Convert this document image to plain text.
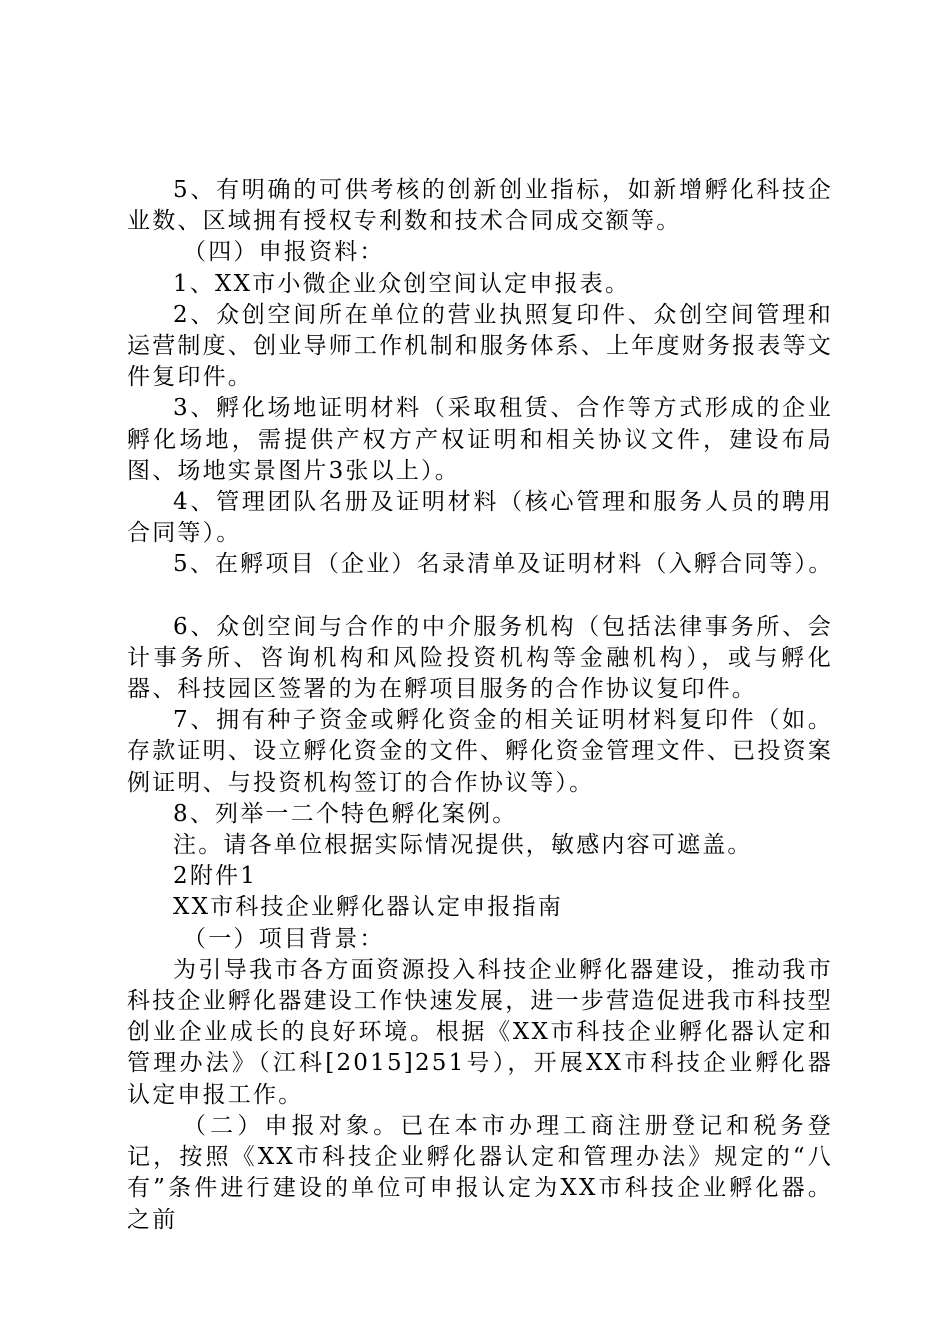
5、有明确的可供考核的创新创业指标，如新增孵化科技企业数、区域拥有授权专利数和技术合同成交额等。

（四）申报资料：

1、XX市小微企业众创空间认定申报表。

2、众创空间所在单位的营业执照复印件、众创空间管理和运营制度、创业导师工作机制和服务体系、上年度财务报表等文件复印件。

3、孵化场地证明材料（采取租赁、合作等方式形成的企业孵化场地，需提供产权方产权证明和相关协议文件，建设布局图、场地实景图片3张以上）。

4、管理团队名册及证明材料（核心管理和服务人员的聘用合同等）。

5、在孵项目（企业）名录清单及证明材料（入孵合同等）。

6、众创空间与合作的中介服务机构（包括法律事务所、会计事务所、咨询机构和风险投资机构等金融机构），或与孵化器、科技园区签署的为在孵项目服务的合作协议复印件。

7、拥有种子资金或孵化资金的相关证明材料复印件（如。存款证明、设立孵化资金的文件、孵化资金管理文件、已投资案例证明、与投资机构签订的合作协议等）。

8、列举一二个特色孵化案例。

注。请各单位根据实际情况提供，敏感内容可遮盖。

2附件1

XX市科技企业孵化器认定申报指南

（一）项目背景：

为引导我市各方面资源投入科技企业孵化器建设，推动我市科技企业孵化器建设工作快速发展，进一步营造促进我市科技型创业企业成长的良好环境。根据《XX市科技企业孵化器认定和管理办法》（江科[2015]251号），开展XX市科技企业孵化器认定申报工作。

（二）申报对象。已在本市办理工商注册登记和税务登记，按照《XX市科技企业孵化器认定和管理办法》规定的“八有”条件进行建设的单位可申报认定为XX市科技企业孵化器。之前
